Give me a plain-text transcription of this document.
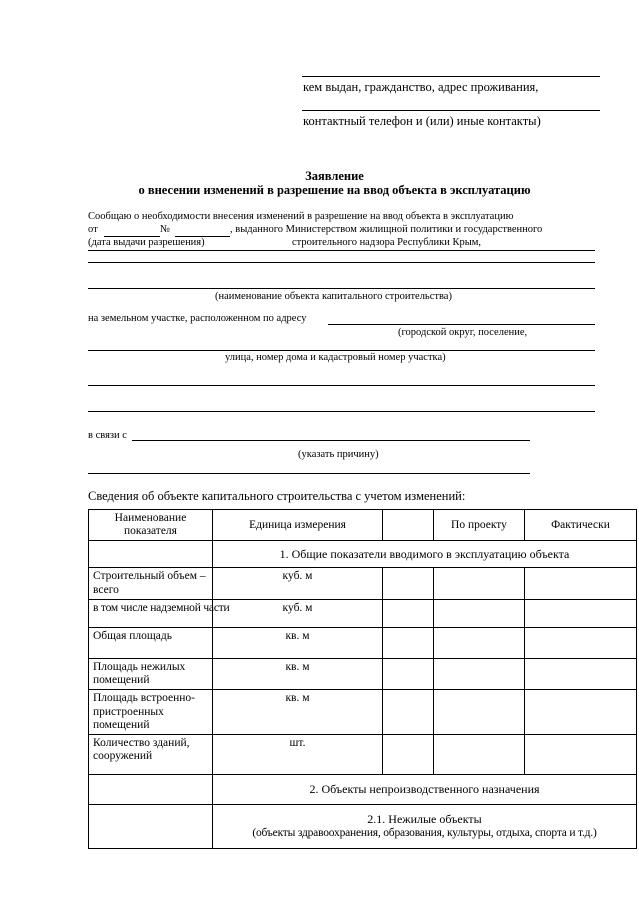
кем выдан, гражданство, адрес проживания,
контактный телефон и (или) иные контакты)
Заявление
о внесении изменений в разрешение на ввод объекта в эксплуатацию
Сообщаю о необходимости внесения изменений в разрешение на ввод объекта в эксплуатацию
от	№	, выданного Министерством жилищной политики и государственного
(дата выдачи разрешения)	строительного надзора Республики Крым,
(наименование объекта капитального строительства)
на земельном участке, расположенном по адресу
(городской округ, поселение,
улица, номер дома и кадастровый номер участка)
в связи с
(указать причину)
Сведения об объекте капитального строительства с учетом изменений:
Наименование показателя	Единица измерения		По проекту	Фактически
	1. Общие показатели вводимого в эксплуатацию объекта			
Строительный объем – всего	куб. м			
в том числе надземной части	куб. м			
Общая площадь	кв. м			
Площадь нежилых помещений	кв. м			
Площадь встроенно-пристроенных помещений	кв. м			
Количество зданий, сооружений	шт.			
	2. Объекты непроизводственного назначения			

	2.1. Нежилые объекты
(объекты здравоохранения, образования, культуры, отдыха, спорта и т.д.)			
